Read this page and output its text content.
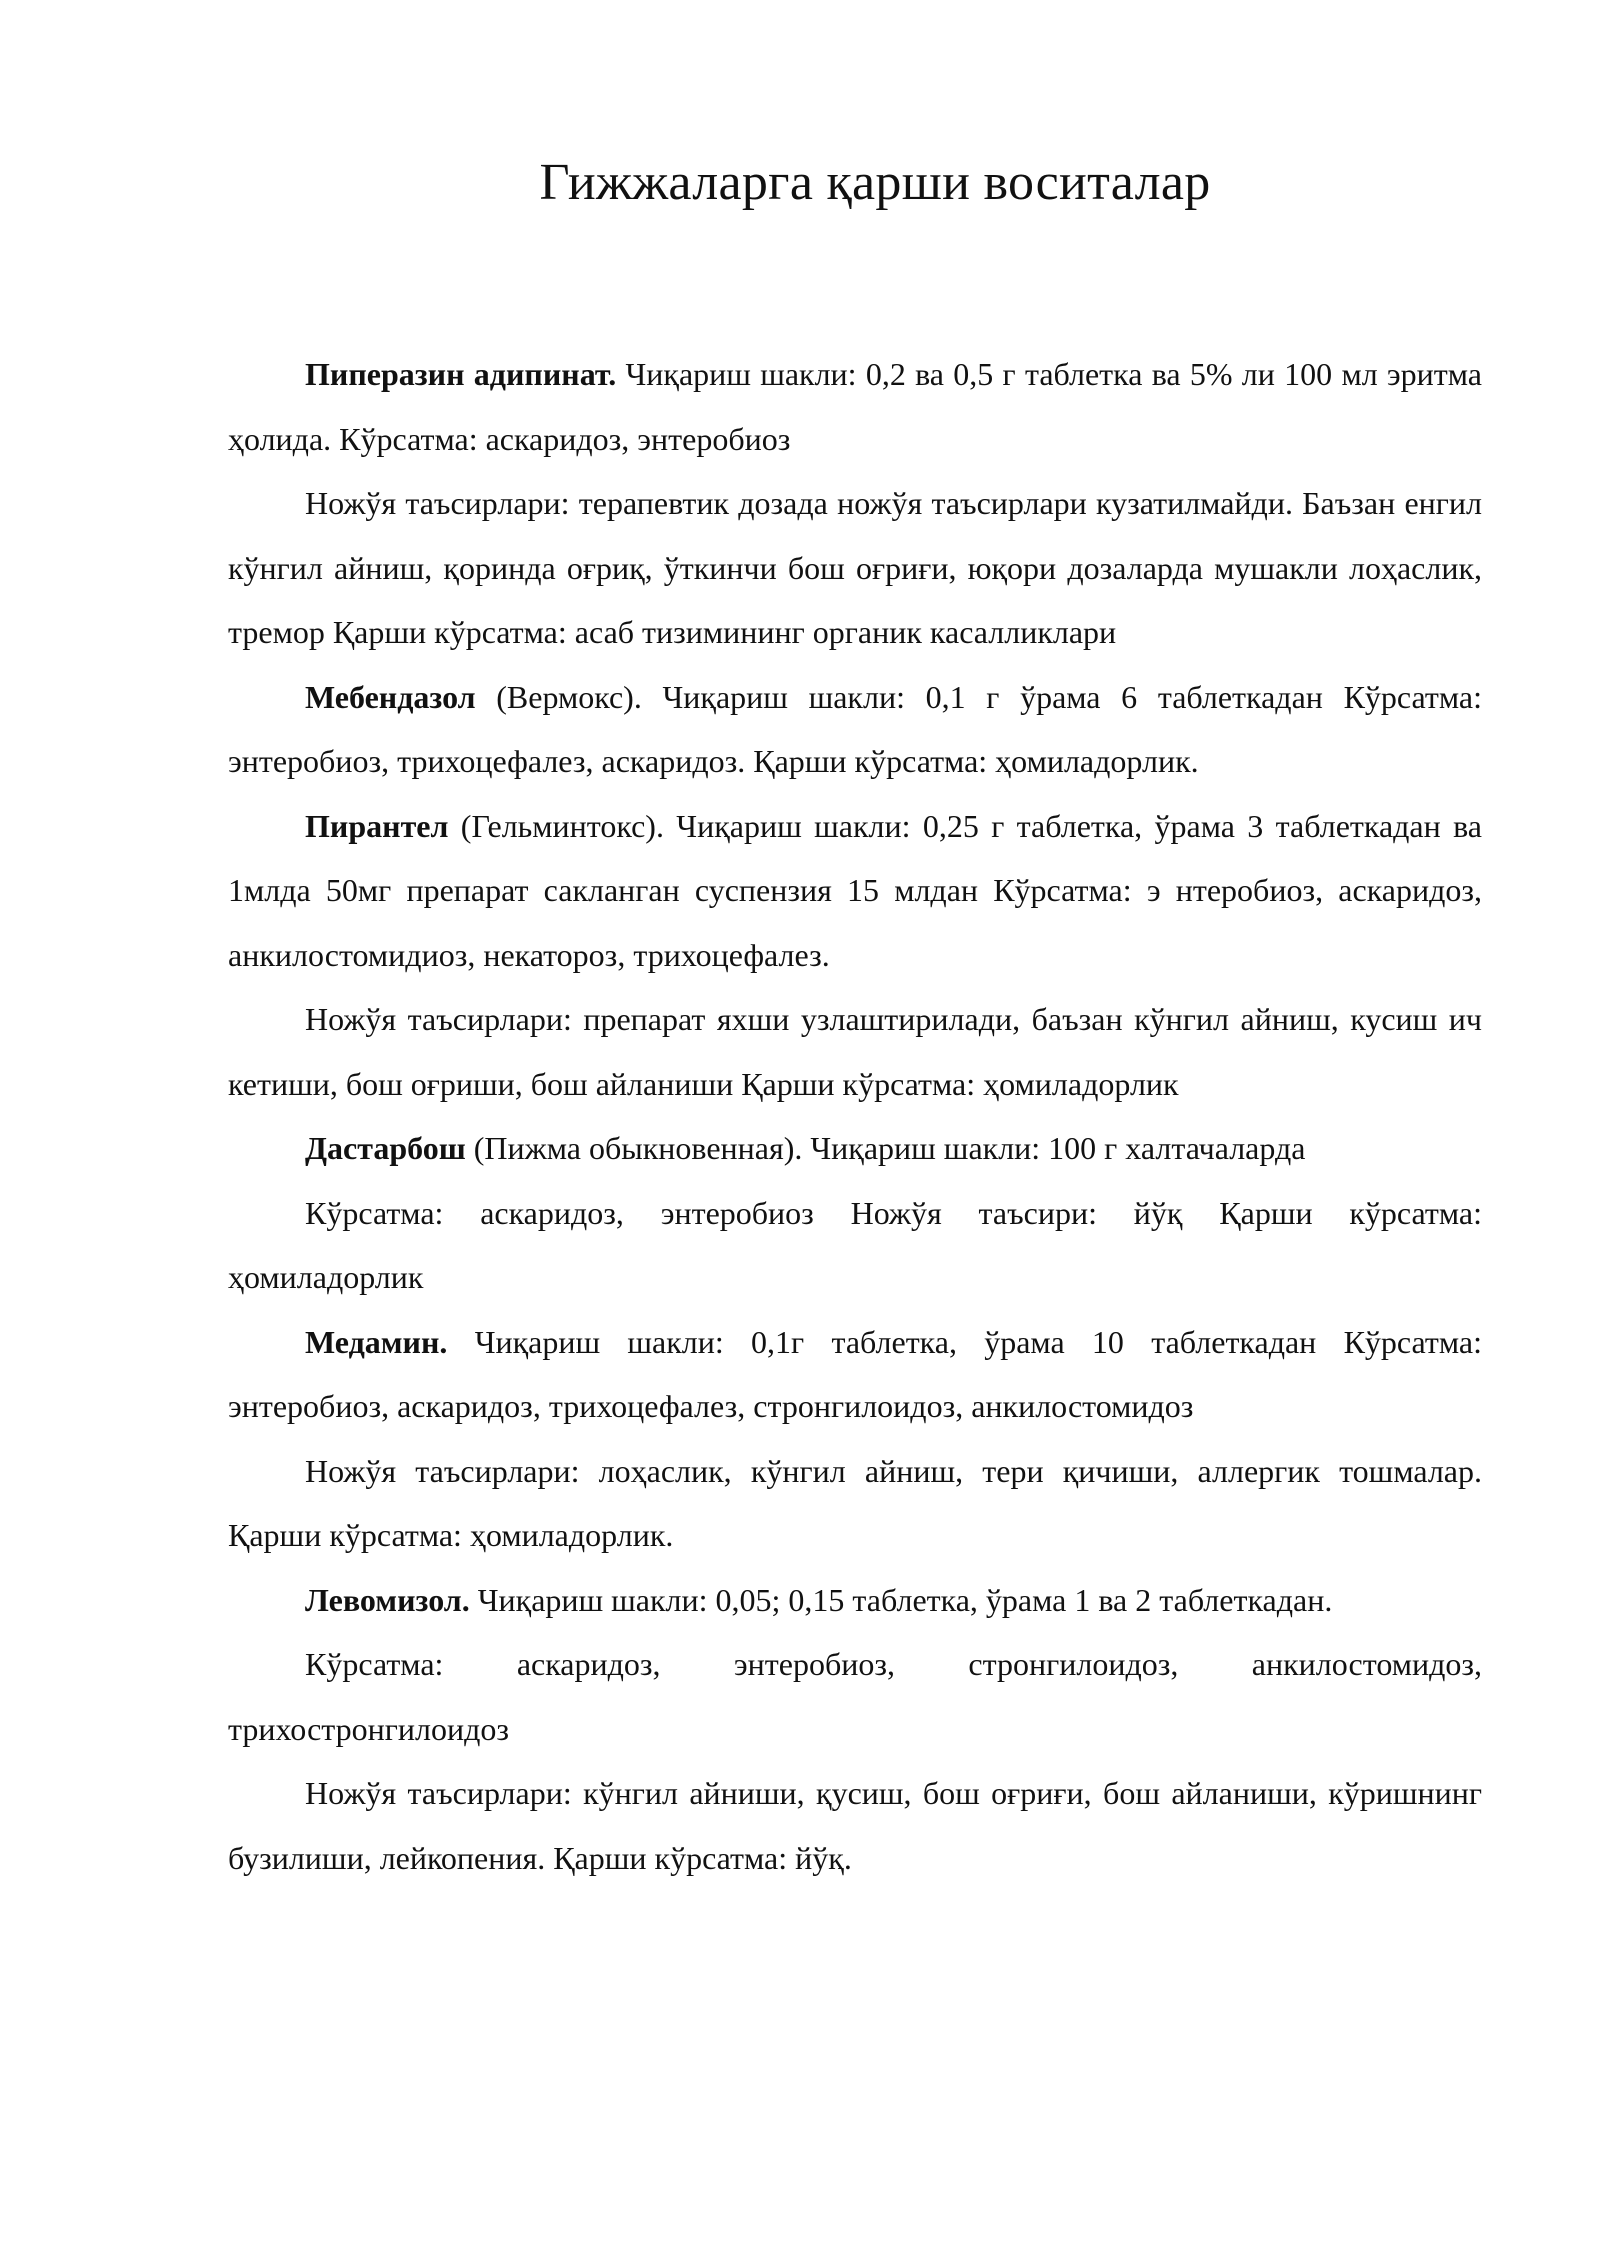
Гижжаларга қарши воситалар

Пиперазин адипинат. Чиқариш шакли: 0,2 ва 0,5 г таблетка ва 5% ли 100 мл эритма ҳолида. Кўрсатма: аскаридоз, энтеробиоз

Ножўя таъсирлари: терапевтик дозада ножўя таъсирлари кузатилмайди. Баъзан енгил кўнгил айниш, қоринда оғриқ, ўткинчи бош оғриғи, юқори дозаларда мушакли лоҳаслик, тремор Қарши кўрсатма: асаб тизимининг органик касалликлари

Мебендазол (Вермокс). Чиқариш шакли: 0,1 г ўрама 6 таблеткадан Кўрсатма: энтеробиоз, трихоцефалез, аскаридоз. Қарши кўрсатма: ҳомиладорлик.

Пирантел (Гельминтокс). Чиқариш шакли: 0,25 г таблетка, ўрама 3 таблеткадан ва 1млда 50мг препарат сакланган суспензия 15 млдан Кўрсатма: э нтеробиоз, аскаридоз, анкилостомидиоз, некатороз, трихоцефалез.

Ножўя таъсирлари: препарат яхши узлаштирилади, баъзан кўнгил айниш, кусиш ич кетиши, бош оғриши, бош айланиши Қарши кўрсатма: ҳомиладорлик

Дастарбош (Пижма обыкновенная). Чиқариш шакли: 100 г халтачаларда

Кўрсатма: аскаридоз, энтеробиоз Ножўя таъсири: йўқ Қарши кўрсатма: ҳомиладорлик

Медамин. Чиқариш шакли: 0,1г таблетка, ўрама 10 таблеткадан Кўрсатма: энтеробиоз, аскаридоз, трихоцефалез, стронгилоидоз, анкилостомидоз

Ножўя таъсирлари: лоҳаслик, кўнгил айниш, тери қичиши, аллергик тошмалар. Қарши кўрсатма: ҳомиладорлик.

Левомизол. Чиқариш шакли: 0,05; 0,15 таблетка, ўрама 1 ва 2 таблеткадан.

Кўрсатма: аскаридоз, энтеробиоз, стронгилоидоз, анкилостомидоз, трихостронгилоидоз

Ножўя таъсирлари: кўнгил айниши, қусиш, бош оғриғи, бош айланиши, кўришнинг бузилиши, лейкопения. Қарши кўрсатма: йўқ.
